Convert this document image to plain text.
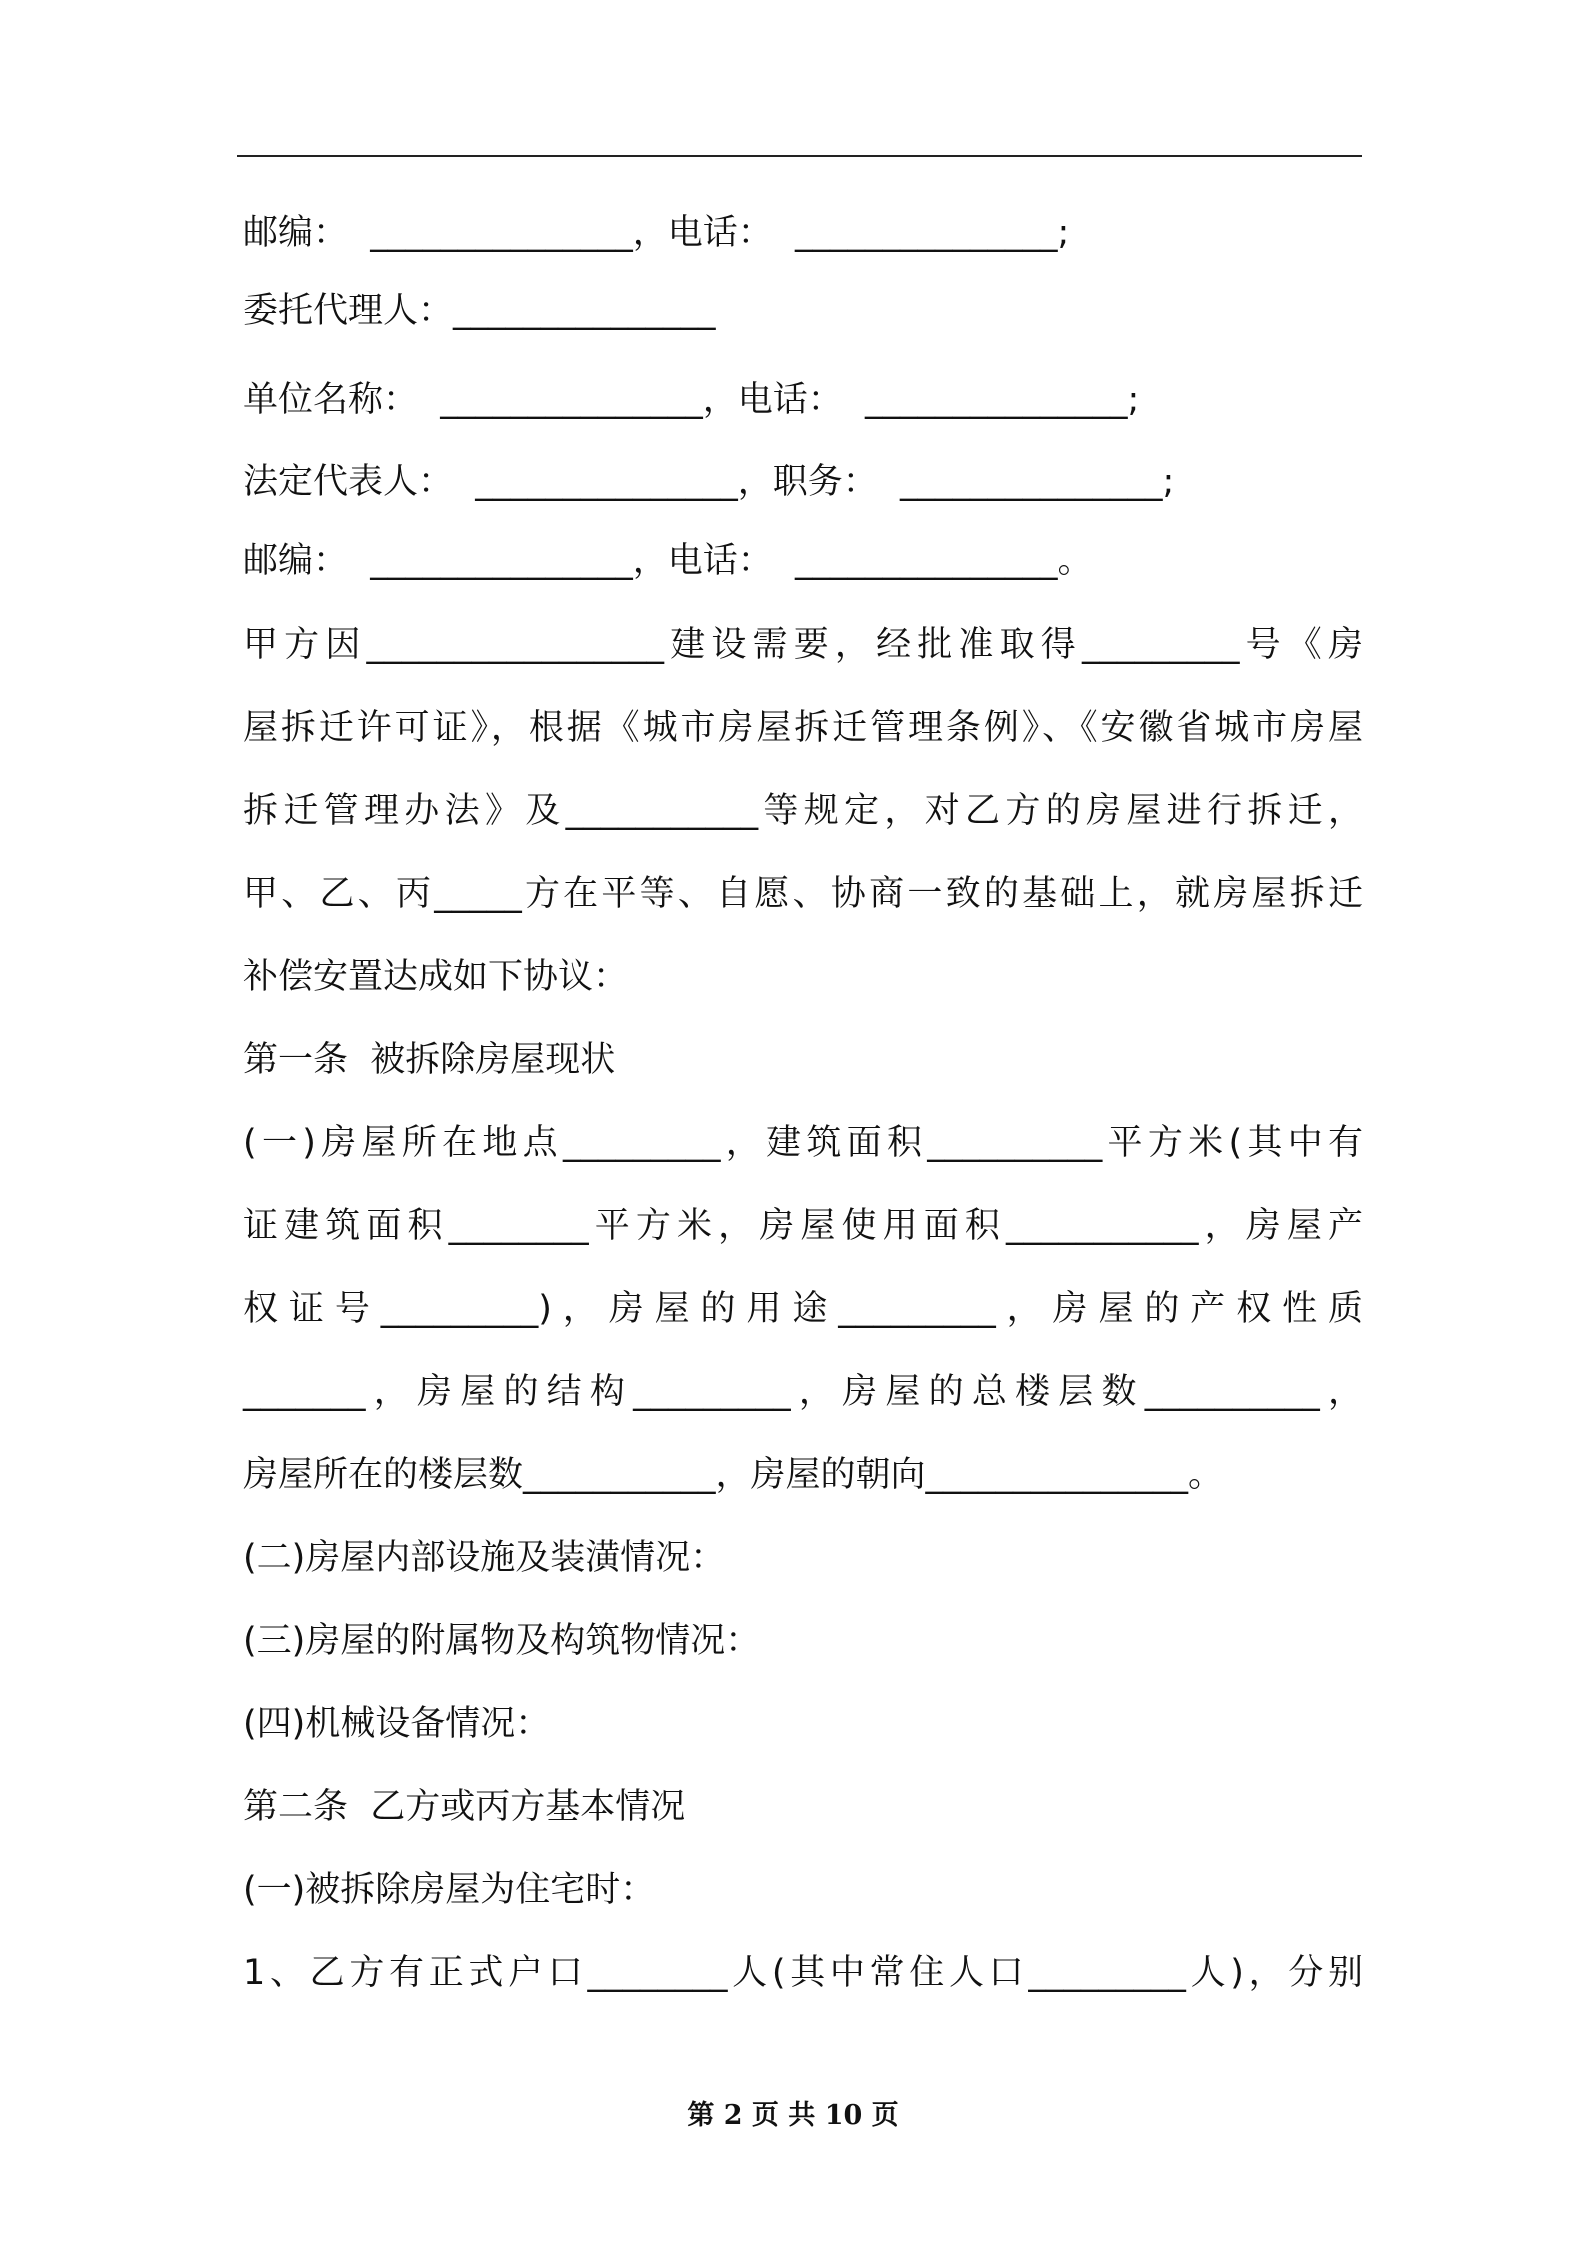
邮编：  _______________，电话：  _______________;

委托代理人：_______________

单位名称：  _______________，电话：  _______________;

法定代表人：  _______________，职务：  _______________;

邮编：  _______________，电话：  _______________。

甲方因_________________建设需要，经批准取得_________号《房

屋拆迁许可证》，根据《城市房屋拆迁管理条例》、《安徽省城市房屋

拆迁管理办法》及___________等规定，对乙方的房屋进行拆迁，

甲、乙、丙_____方在平等、自愿、协商一致的基础上，就房屋拆迁

补偿安置达成如下协议：

第一条  被拆除房屋现状

(一)房屋所在地点_________，建筑面积__________平方米(其中有

证建筑面积________平方米，房屋使用面积___________，房屋产

权证号_________)，房屋的用途_________，房屋的产权性质

_______，房屋的结构_________，房屋的总楼层数__________，

房屋所在的楼层数___________，房屋的朝向_______________。

(二)房屋内部设施及装潢情况：

(三)房屋的附属物及构筑物情况：

(四)机械设备情况：

第二条  乙方或丙方基本情况

(一)被拆除房屋为住宅时：

1、乙方有正式户口________人(其中常住人口_________人)，分别

第 2 页 共 10 页
